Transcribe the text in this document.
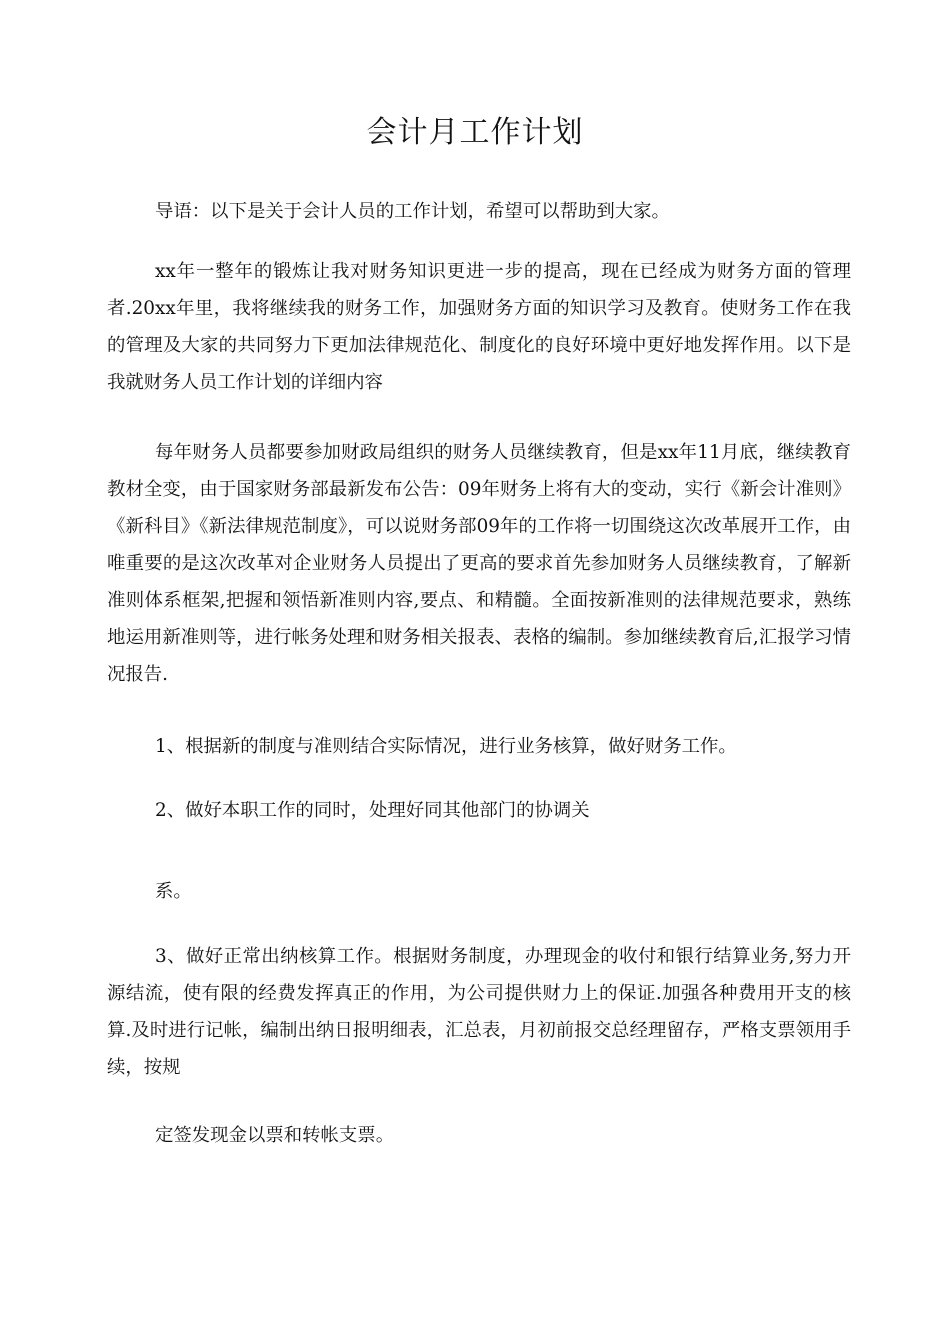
会计月工作计划

导语：以下是关于会计人员的工作计划，希望可以帮助到大家。

xx年一整年的锻炼让我对财务知识更进一步的提高，现在已经成为财务方面的管理者.20xx年里，我将继续我的财务工作，加强财务方面的知识学习及教育。使财务工作在我的管理及大家的共同努力下更加法律规范化、制度化的良好环境中更好地发挥作用。以下是我就财务人员工作计划的详细内容

每年财务人员都要参加财政局组织的财务人员继续教育，但是xx年11月底，继续教育教材全变，由于国家财务部最新发布公告：09年财务上将有大的变动，实行《新会计准则》《新科目》《新法律规范制度》，可以说财务部09年的工作将一切围绕这次改革展开工作，由唯重要的是这次改革对企业财务人员提出了更高的要求首先参加财务人员继续教育，了解新准则体系框架,把握和领悟新准则内容,要点、和精髓。全面按新准则的法律规范要求，熟练地运用新准则等，进行帐务处理和财务相关报表、表格的编制。参加继续教育后,汇报学习情况报告.

1、根据新的制度与准则结合实际情况，进行业务核算，做好财务工作。

2、做好本职工作的同时，处理好同其他部门的协调关

系。

3、做好正常出纳核算工作。根据财务制度，办理现金的收付和银行结算业务,努力开源结流，使有限的经费发挥真正的作用，为公司提供财力上的保证.加强各种费用开支的核算.及时进行记帐，编制出纳日报明细表，汇总表，月初前报交总经理留存，严格支票领用手续，按规

定签发现金以票和转帐支票。
